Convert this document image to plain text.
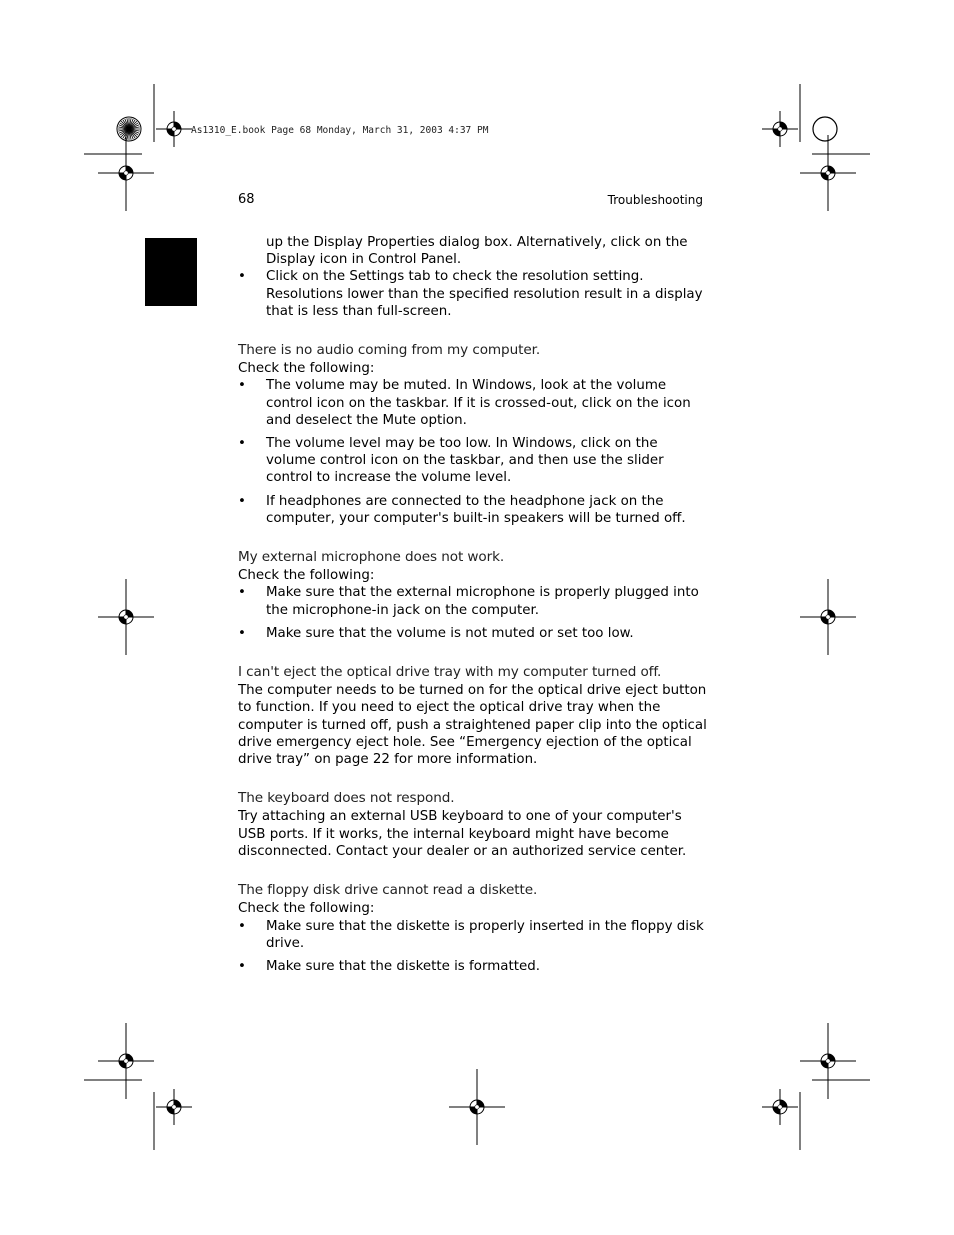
As1310_E.book Page 68 Monday, March 31, 2003 4:37 PM
68	Troubleshooting

up the Display Properties dialog box. Alternatively, click on the Display icon in Control Panel.

• Click on the Settings tab to check the resolution setting. Resolutions lower than the specified resolution result in a display that is less than full-screen.
There is no audio coming from my computer.

Check the following:

• The volume may be muted. In Windows, look at the volume control icon on the taskbar. If it is crossed-out, click on the icon and deselect the Mute option.
• The volume level may be too low. In Windows, click on the volume control icon on the taskbar, and then use the slider control to increase the volume level.
• If headphones are connected to the headphone jack on the computer, your computer's built-in speakers will be turned off.
My external microphone does not work.

Check the following:

• Make sure that the external microphone is properly plugged into the microphone-in jack on the computer.
• Make sure that the volume is not muted or set too low.
I can't eject the optical drive tray with my computer turned off.

The computer needs to be turned on for the optical drive eject button to function. If you need to eject the optical drive tray when the computer is turned off, push a straightened paper clip into the optical drive emergency eject hole. See “Emergency ejection of the optical drive tray” on page 22 for more information.

The keyboard does not respond.

Try attaching an external USB keyboard to one of your computer's USB ports. If it works, the internal keyboard might have become disconnected. Contact your dealer or an authorized service center.

The floppy disk drive cannot read a diskette.

Check the following:

• Make sure that the diskette is properly inserted in the floppy disk drive.
• Make sure that the diskette is formatted.
